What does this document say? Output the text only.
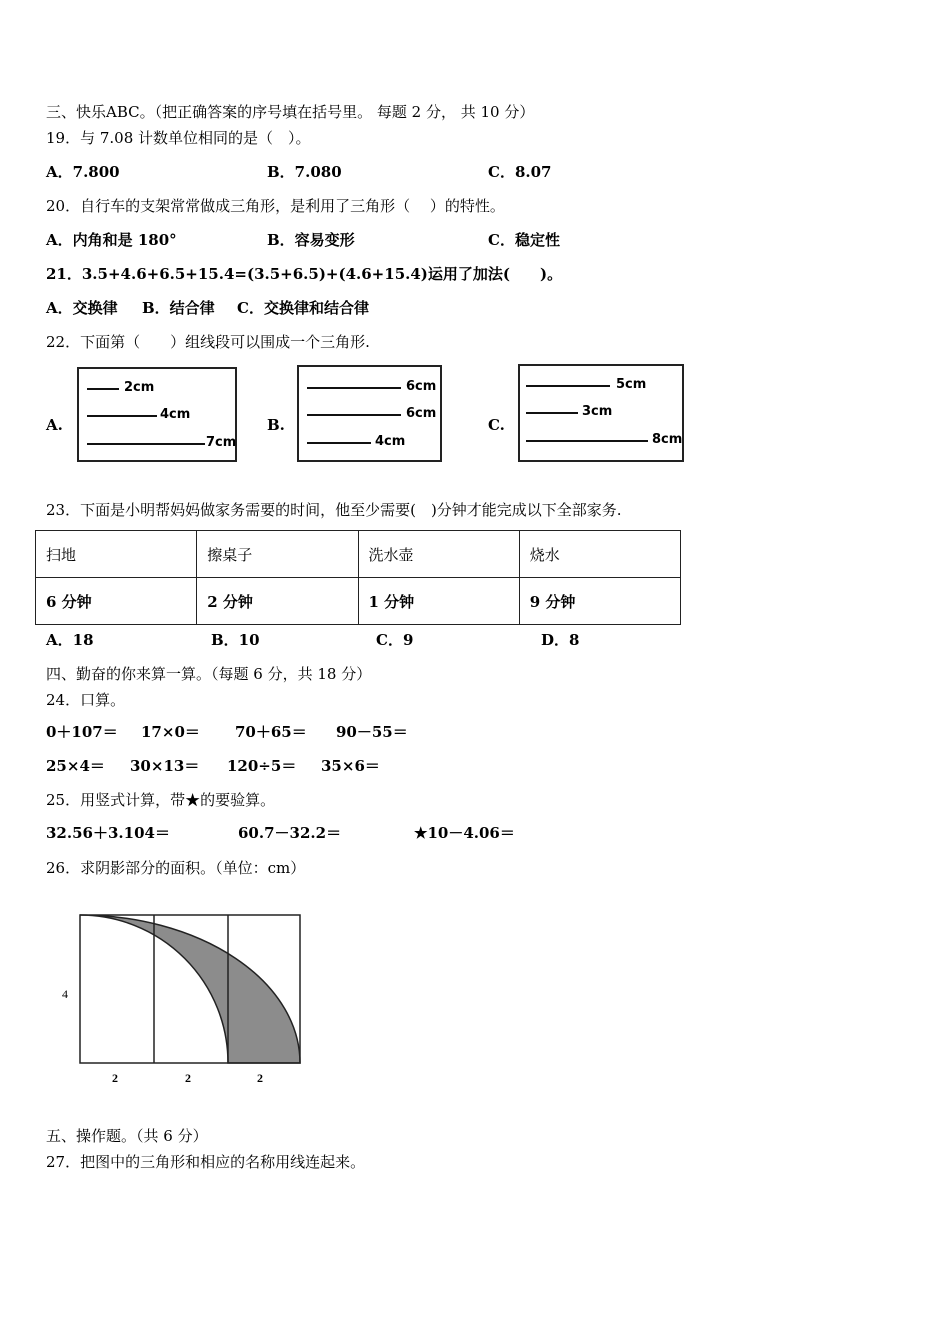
三、快乐ABC。（把正确答案的序号填在括号里。 每题 2 分， 共 10 分）
19．与 7.08 计数单位相同的是（　）。
A．7.800	B．7.080	C．8.07
20．自行车的支架常常做成三角形，是利用了三角形（　 ）的特性。
A．内角和是 180°	B．容易变形	C．稳定性
21．3.5+4.6+6.5+15.4=(3.5+6.5)+(4.6+15.4)运用了加法(　　)。
A．交换律 B．结合律 C．交换律和结合律
22．下面第（　　）组线段可以围成一个三角形.
A.
2cm
4cm
7cm
B.
6cm
6cm
4cm
C.
5cm
3cm
8cm
23．下面是小明帮妈妈做家务需要的时间，他至少需要(　)分钟才能完成以下全部家务.
扫地	擦桌子	洗水壶	烧水
6 分钟	2 分钟	1 分钟	9 分钟
A．18	B．10	C．9	D．8
四、勤奋的你来算一算。（每题 6 分，共 18 分）
24．口算。
0＋107＝ 17×0＝ 70＋65＝ 90－55＝
25×4＝ 30×13＝ 120÷5＝ 35×6＝
25．用竖式计算，带★的要验算。
32.56＋3.104＝	60.7－32.2＝	★10－4.06＝
26．求阴影部分的面积。（单位：cm）
4
2	2	2
五、操作题。（共 6 分）
27．把图中的三角形和相应的名称用线连起来。
